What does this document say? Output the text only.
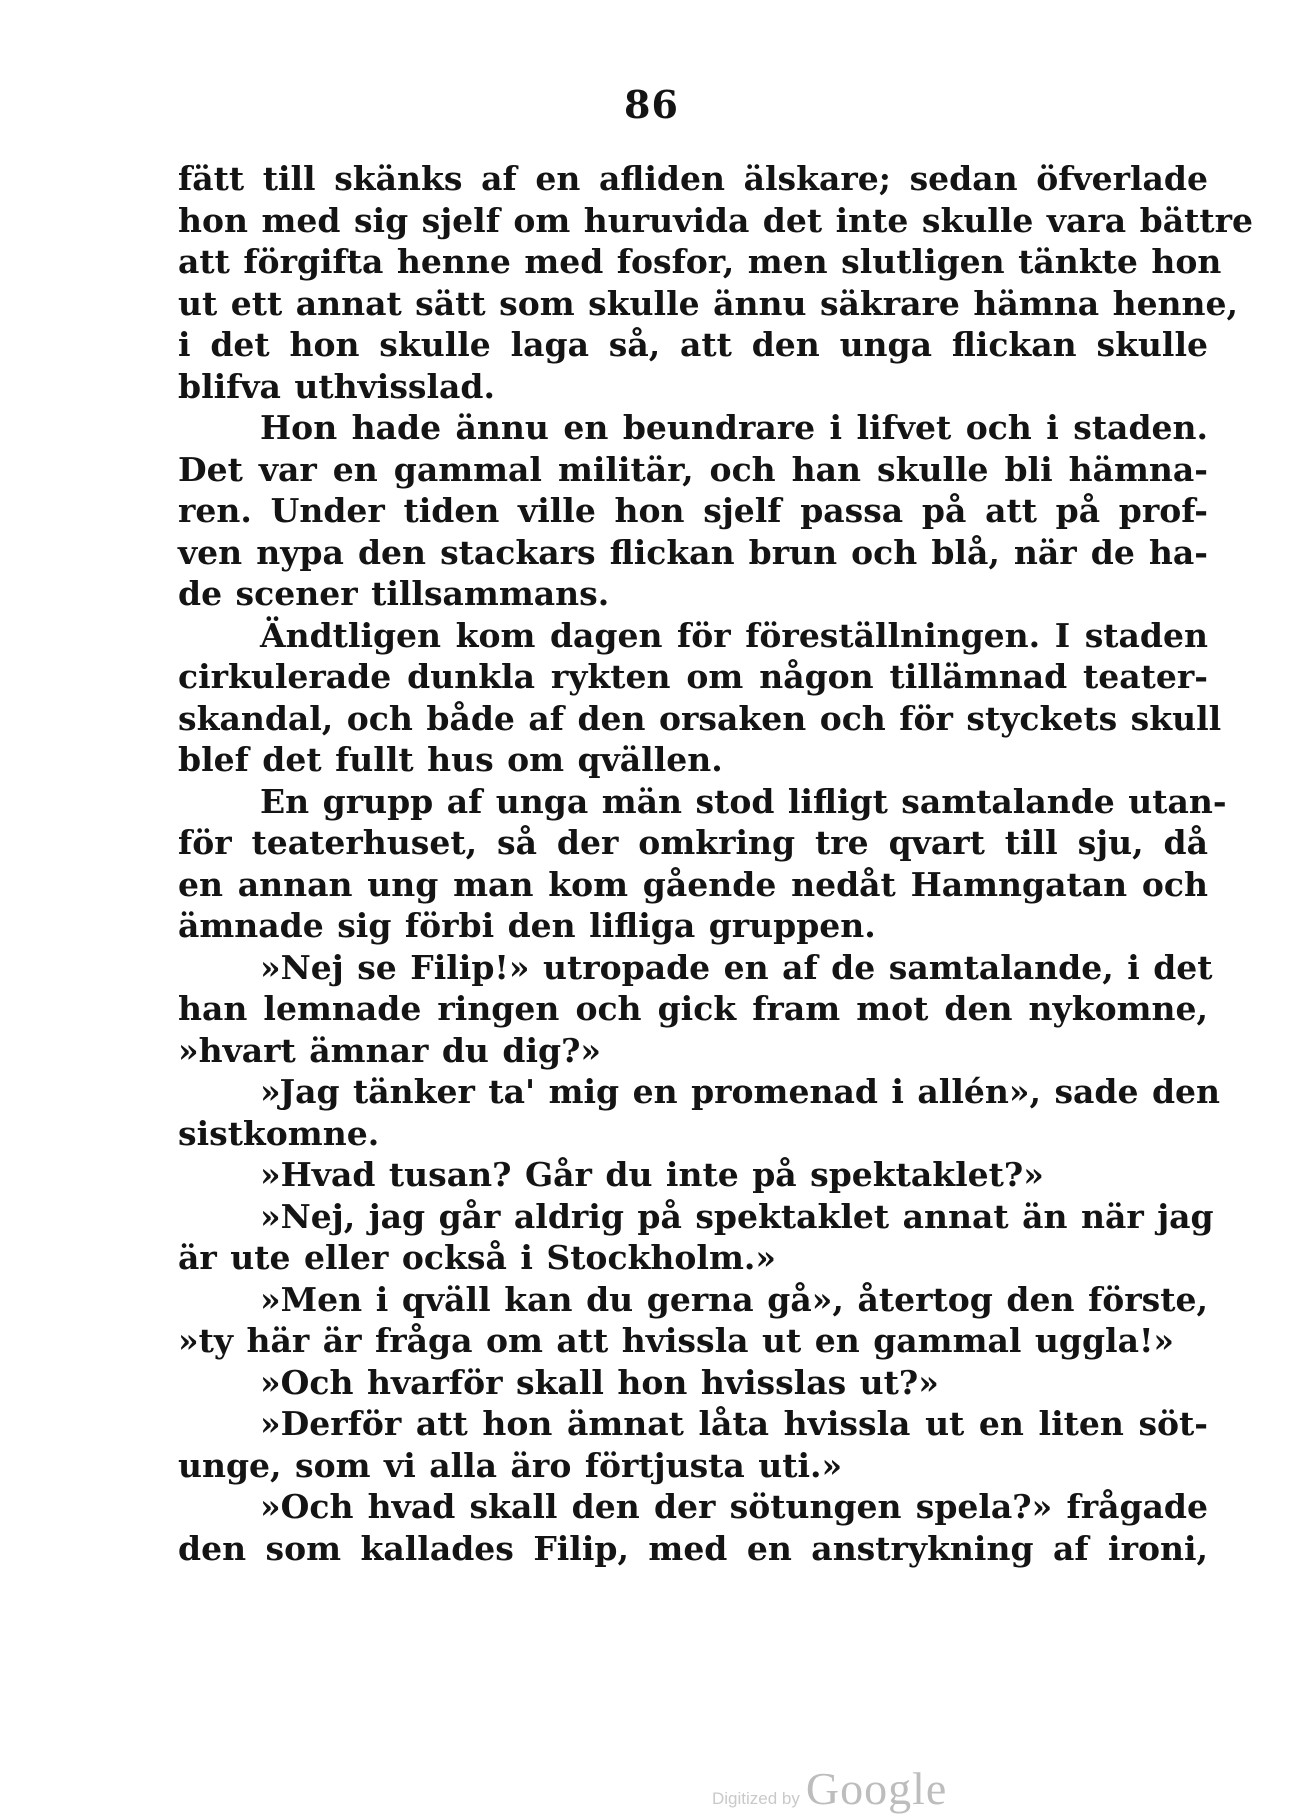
86
fätt till skänks af en afliden älskare; sedan öfverlade
hon med sig sjelf om huruvida det inte skulle vara bättre
att förgifta henne med fosfor, men slutligen tänkte hon
ut ett annat sätt som skulle ännu säkrare hämna henne,
i det hon skulle laga så, att den unga flickan skulle
blifva uthvisslad.
Hon hade ännu en beundrare i lifvet och i staden.
Det var en gammal militär, och han skulle bli hämna-
ren. Under tiden ville hon sjelf passa på att på prof-
ven nypa den stackars flickan brun och blå, när de ha-
de scener tillsammans.
Ändtligen kom dagen för föreställningen. I staden
cirkulerade dunkla rykten om någon tillämnad teater-
skandal, och både af den orsaken och för styckets skull
blef det fullt hus om qvällen.
En grupp af unga män stod lifligt samtalande utan-
för teaterhuset, så der omkring tre qvart till sju, då
en annan ung man kom gående nedåt Hamngatan och
ämnade sig förbi den lifliga gruppen.
»Nej se Filip!» utropade en af de samtalande, i det
han lemnade ringen och gick fram mot den nykomne,
»hvart ämnar du dig?»
»Jag tänker ta' mig en promenad i allén», sade den
sistkomne.
»Hvad tusan? Går du inte på spektaklet?»
»Nej, jag går aldrig på spektaklet annat än när jag
är ute eller också i Stockholm.»
»Men i qväll kan du gerna gå», återtog den förste,
»ty här är fråga om att hvissla ut en gammal uggla!»
»Och hvarför skall hon hvisslas ut?»
»Derför att hon ämnat låta hvissla ut en liten söt-
unge, som vi alla äro förtjusta uti.»
»Och hvad skall den der sötungen spela?» frågade
den som kallades Filip, med en anstrykning af ironi,
Digitized by Google
